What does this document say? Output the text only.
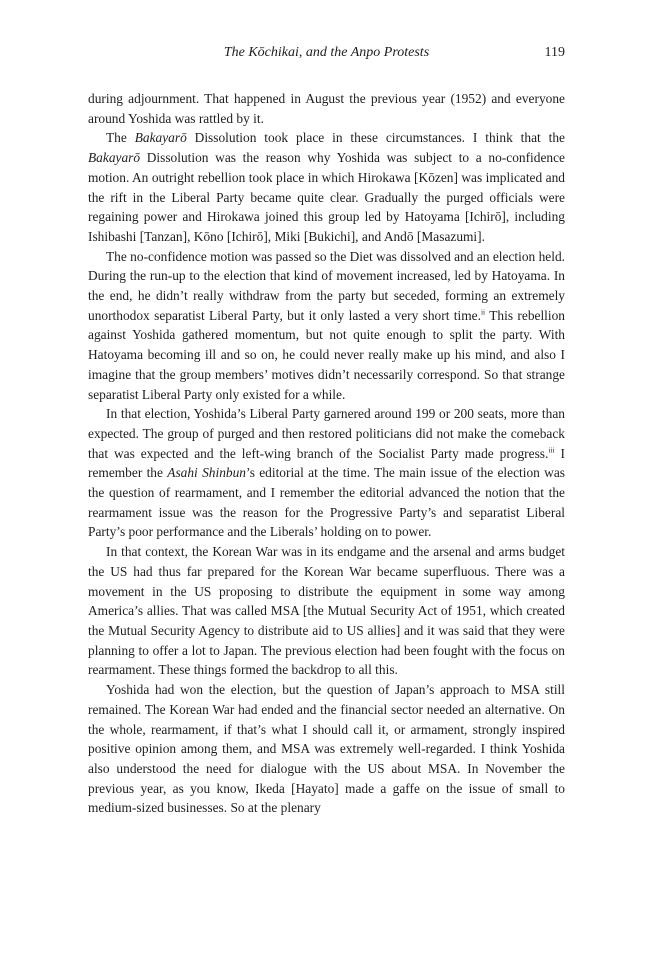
The Kōchikai, and the Anpo Protests	119

during adjournment. That happened in August the previous year (1952) and everyone around Yoshida was rattled by it.

The Bakayarō Dissolution took place in these circumstances. I think that the Bakayarō Dissolution was the reason why Yoshida was subject to a no-confidence motion. An outright rebellion took place in which Hirokawa [Kōzen] was implicated and the rift in the Liberal Party became quite clear. Gradually the purged officials were regaining power and Hirokawa joined this group led by Hatoyama [Ichirō], including Ishibashi [Tanzan], Kōno [Ichirō], Miki [Bukichi], and Andō [Masazumi].

The no-confidence motion was passed so the Diet was dissolved and an election held. During the run-up to the election that kind of movement increased, led by Hatoyama. In the end, he didn’t really withdraw from the party but seceded, forming an extremely unorthodox separatist Liberal Party, but it only lasted a very short time.$^{ii}$ This rebellion against Yoshida gathered momentum, but not quite enough to split the party. With Hatoyama becoming ill and so on, he could never really make up his mind, and also I imagine that the group members’ motives didn’t necessarily correspond. So that strange separatist Liberal Party only existed for a while.

In that election, Yoshida’s Liberal Party garnered around 199 or 200 seats, more than expected. The group of purged and then restored politicians did not make the comeback that was expected and the left-wing branch of the Socialist Party made progress.$^{iii}$ I remember the Asahi Shinbun’s editorial at the time. The main issue of the election was the question of rearmament, and I remember the editorial advanced the notion that the rearmament issue was the reason for the Progressive Party’s and separatist Liberal Party’s poor performance and the Liberals’ holding on to power.

In that context, the Korean War was in its endgame and the arsenal and arms budget the US had thus far prepared for the Korean War became superfluous. There was a movement in the US proposing to distribute the equipment in some way among America’s allies. That was called MSA [the Mutual Security Act of 1951, which created the Mutual Security Agency to distribute aid to US allies] and it was said that they were planning to offer a lot to Japan. The previous election had been fought with the focus on rearmament. These things formed the backdrop to all this.

Yoshida had won the election, but the question of Japan’s approach to MSA still remained. The Korean War had ended and the financial sector needed an alternative. On the whole, rearmament, if that’s what I should call it, or armament, strongly inspired positive opinion among them, and MSA was extremely well-regarded. I think Yoshida also understood the need for dialogue with the US about MSA. In November the previous year, as you know, Ikeda [Hayato] made a gaffe on the issue of small to medium-sized businesses. So at the plenary
